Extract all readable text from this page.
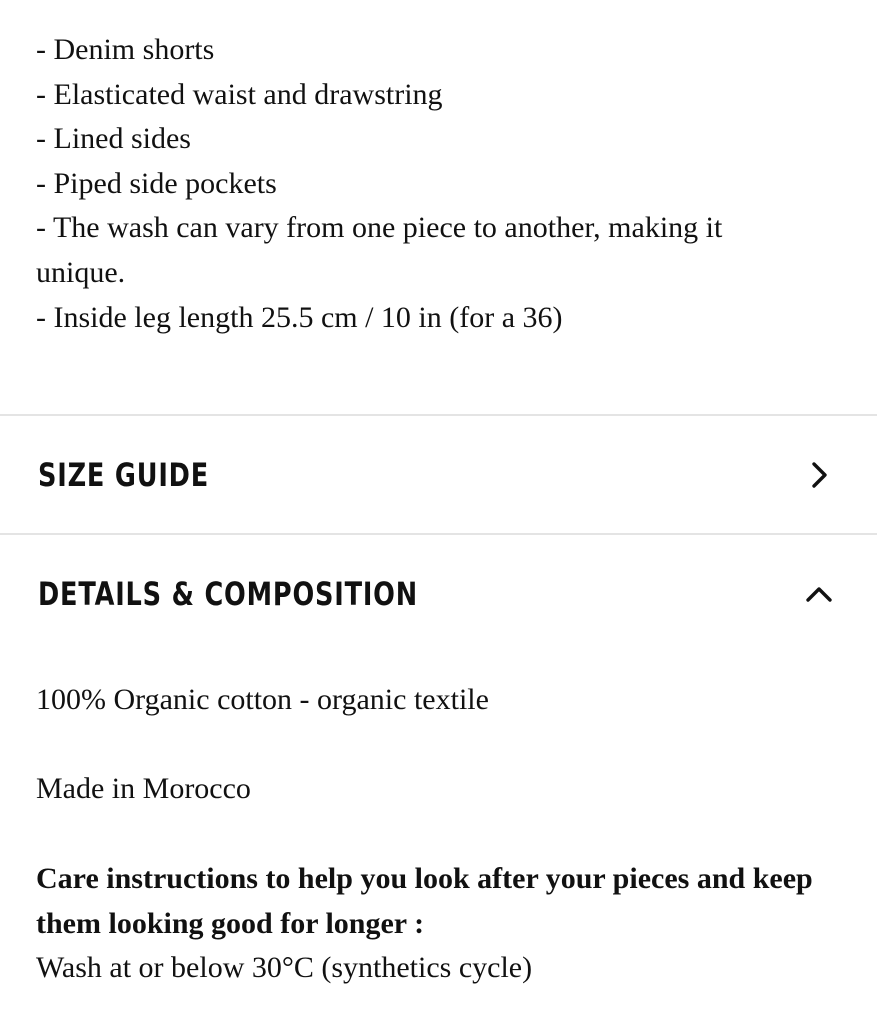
- Denim shorts

- Elasticated waist and drawstring

- Lined sides

- Piped side pockets

- The wash can vary from one piece to another, making it unique.

- Inside leg length 25.5 cm / 10 in (for a 36)

SIZE GUIDE
DETAILS & COMPOSITION

100% Organic cotton - organic textile

Made in Morocco

Care instructions to help you look after your pieces and keep them looking good for longer :

Wash at or below 30°C (synthetics cycle)
